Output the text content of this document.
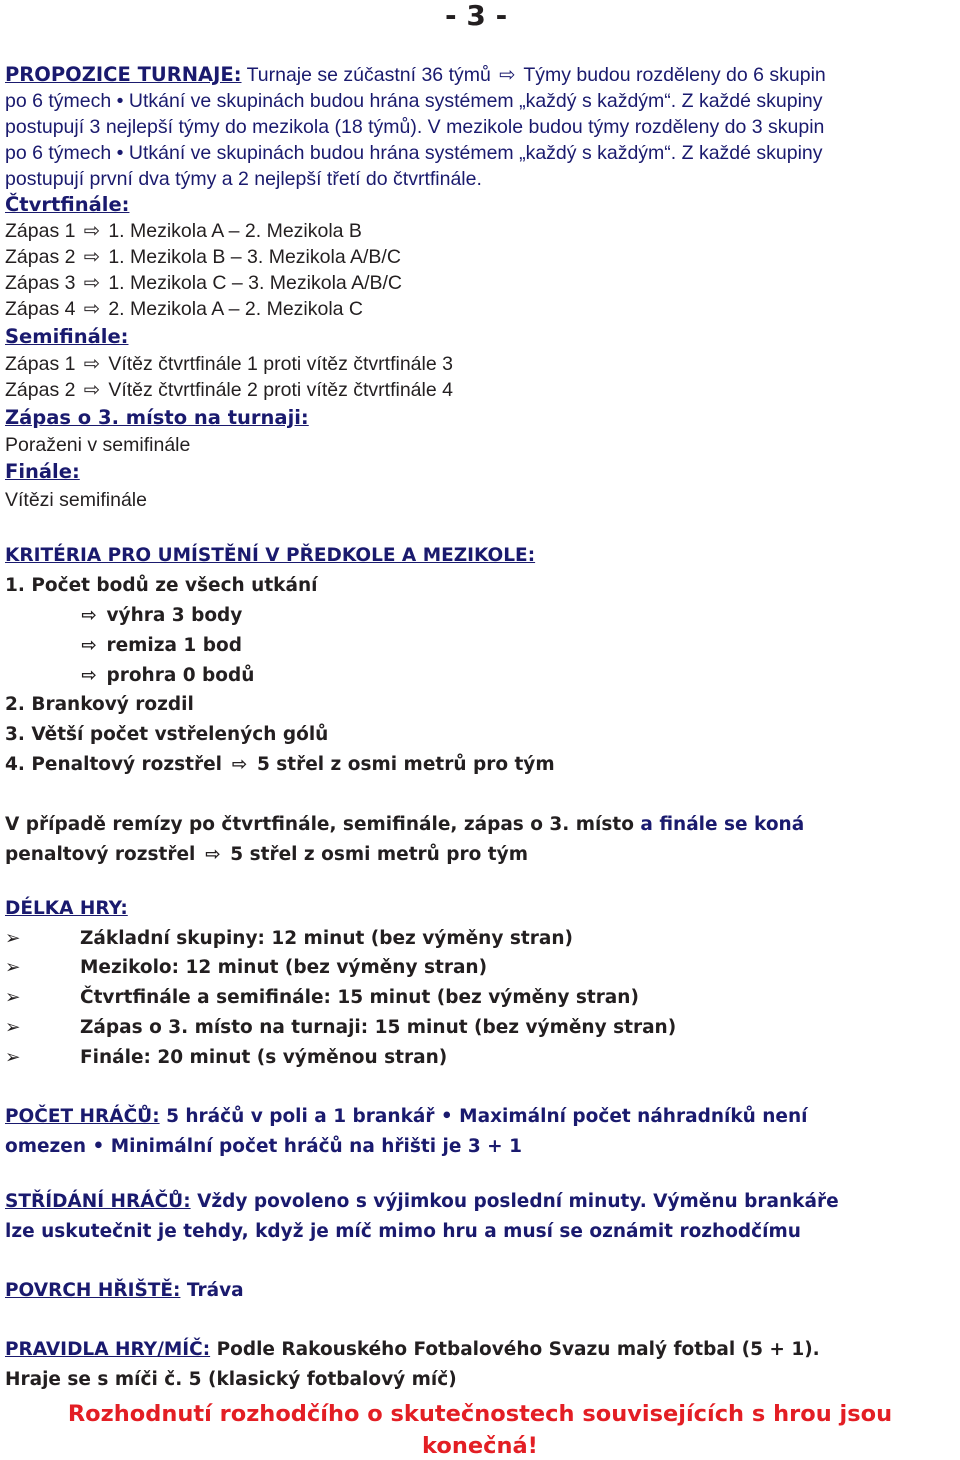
- 3 -
PROPOZICE TURNAJE: Turnaje se zúčastní 36 týmů ⇨ Týmy budou rozděleny do 6 skupin
po 6 týmech • Utkání ve skupinách budou hrána systémem „každý s každým“. Z každé skupiny
postupují 3 nejlepší týmy do mezikola (18 týmů). V mezikole budou týmy rozděleny do 3 skupin
po 6 týmech • Utkání ve skupinách budou hrána systémem „každý s každým“. Z každé skupiny
postupují první dva týmy a 2 nejlepší třetí do čtvrtfinále.
Čtvrtfinále:
Zápas 1 ⇨ 1. Mezikola A – 2. Mezikola B
Zápas 2 ⇨ 1. Mezikola B – 3. Mezikola A/B/C
Zápas 3 ⇨ 1. Mezikola C – 3. Mezikola A/B/C
Zápas 4 ⇨ 2. Mezikola A – 2. Mezikola C
Semifinále:
Zápas 1 ⇨ Vítěz čtvrtfinále 1 proti vítěz čtvrtfinále 3
Zápas 2 ⇨ Vítěz čtvrtfinále 2 proti vítěz čtvrtfinále 4
Zápas o 3. místo na turnaji:
Poraženi v semifinále
Finále:
Vítězi semifinále
KRITÉRIA PRO UMÍSTĚNÍ V PŘEDKOLE A MEZIKOLE:
1. Počet bodů ze všech utkání
⇨ výhra 3 body
⇨ remiza 1 bod
⇨ prohra 0 bodů
2. Brankový rozdil
3. Větší počet vstřelených gólů
4. Penaltový rozstřel ⇨ 5 střel z osmi metrů pro tým
V případě remízy po čtvrtfinále, semifinále, zápas o 3. místo a finále se koná
penaltový rozstřel ⇨ 5 střel z osmi metrů pro tým
DÉLKA HRY:
➢	Základní skupiny: 12 minut (bez výměny stran)
➢	Mezikolo: 12 minut (bez výměny stran)
➢	Čtvrtfinále a semifinále: 15 minut (bez výměny stran)
➢	Zápas o 3. místo na turnaji: 15 minut (bez výměny stran)
➢	Finále: 20 minut (s výměnou stran)
POČET HRÁČŮ: 5 hráčů v poli a 1 brankář • Maximální počet náhradníků není
omezen • Minimální počet hráčů na hřišti je 3 + 1
STŘÍDÁNÍ HRÁČŮ: Vždy povoleno s výjimkou poslední minuty. Výměnu brankáře
lze uskutečnit je tehdy, když je míč mimo hru a musí se oznámit rozhodčímu
POVRCH HŘIŠTĚ: Tráva
PRAVIDLA HRY/MÍČ: Podle Rakouského Fotbalového Svazu malý fotbal (5 + 1).
Hraje se s míči č. 5 (klasický fotbalový míč)
Rozhodnutí rozhodčího o skutečnostech souvisejících s hrou jsou
konečná!
